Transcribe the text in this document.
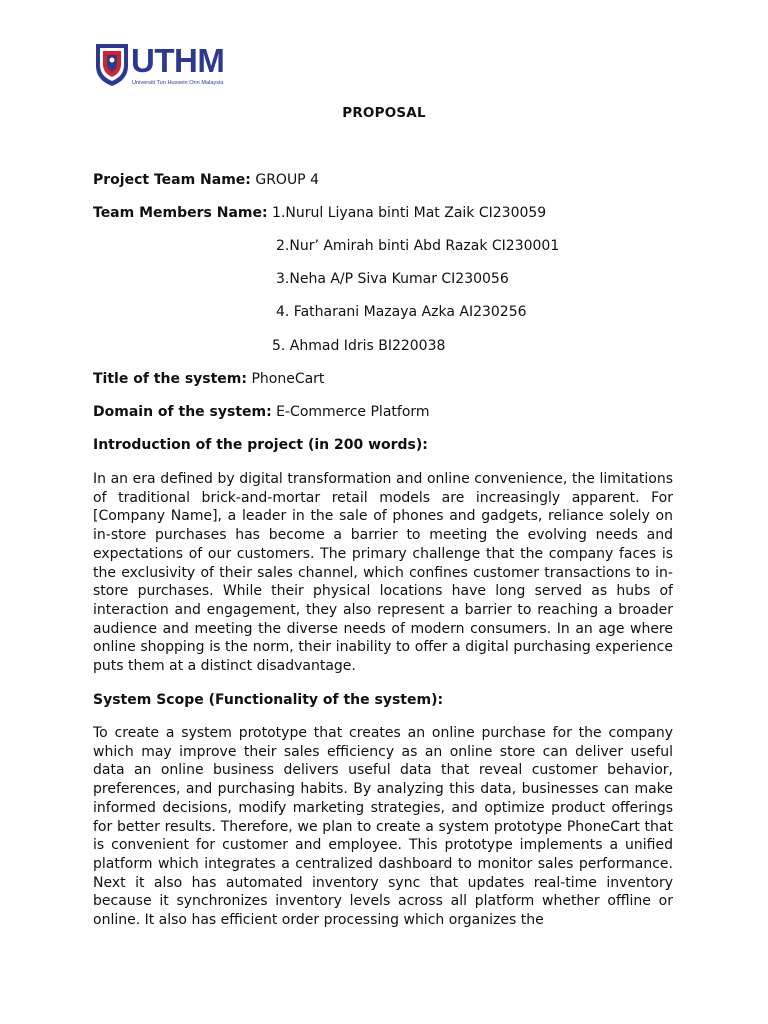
UTHM
Universiti Tun Hussein Onn Malaysia
PROPOSAL
Project Team Name: GROUP 4
Team Members Name: 1.Nurul Liyana binti Mat Zaik CI230059
2.Nur’ Amirah binti Abd Razak CI230001
3.Neha A/P Siva Kumar CI230056
4. Fatharani Mazaya Azka AI230256
5. Ahmad Idris BI220038
Title of the system: PhoneCart
Domain of the system: E-Commerce Platform
Introduction of the project (in 200 words):

In an era defined by digital transformation and online convenience, the limitations of traditional brick-and-mortar retail models are increasingly apparent. For [Company Name], a leader in the sale of phones and gadgets, reliance solely on in-store purchases has become a barrier to meeting the evolving needs and expectations of our customers. The primary challenge that the company faces is the exclusivity of their sales channel, which confines customer transactions to in-store purchases. While their physical locations have long served as hubs of interaction and engagement, they also represent a barrier to reaching a broader audience and meeting the diverse needs of modern consumers. In an age where online shopping is the norm, their inability to offer a digital purchasing experience puts them at a distinct disadvantage.

System Scope (Functionality of the system):

To create a system prototype that creates an online purchase for the company which may improve their sales efficiency as an online store can deliver useful data an online business delivers useful data that reveal customer behavior, preferences, and purchasing habits. By analyzing this data, businesses can make informed decisions, modify marketing strategies, and optimize product offerings for better results. Therefore, we plan to create a system prototype PhoneCart that is convenient for customer and employee. This prototype implements a unified platform which integrates a centralized dashboard to monitor sales performance. Next it also has automated inventory sync that updates real-time inventory because it synchronizes inventory levels across all platform whether offline or online. It also has efficient order processing which organizes the
